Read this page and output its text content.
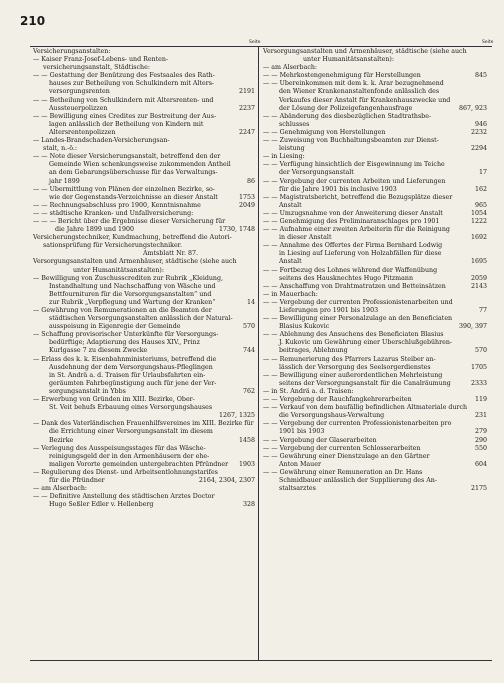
210
Seite	Seite
Versicherungsanstalten:
— Kaiser Franz-Josef-Lebens- und Renten-
versicherungsanstalt, Städtische:
— — Gestattung der Benützung des Festsaales des Rath-
hauses zur Betheilung von Schulkindern mit Alters-
versorgungsrenten	2191
— — Betheilung von Schulkindern mit Altersrenten- und
Aussteuerpolizzen	2237
— — Bewilligung eines Credites zur Bestreitung der Aus-
lagen anlässlich der Betheilung von Kindern mit
Altersrentenpolizzen	2247
— Landes-Brandschaden-Versicherungsan-
stalt, n.-ö.:
— — Note dieser Versicherungsanstalt, betreffend den der
Gemeinde Wien schenkungsweise zukommenden Antheil
an dem Gebarungsüberschusse für das Verwaltungs-
jahr 1899	86
— — Übermittlung von Plänen der einzelnen Bezirke, so-
wie der Gegenstands-Verzeichnisse an dieser Anstalt	1753
— — Rechnungsabschluss pro 1900, Kenntnisnahme	2049
— — städtische Kranken- und Unfallversicherung:
— — — Bericht über die Ergebnisse dieser Versicherung für
die Jahre 1899 und 1900	1730, 1748
Versicherungstechniker, Kundmachung, betreffend die Autori-
sationsprüfung für Versicherungstechniker.
Amtsblatt Nr. 87.
Versorgungsanstalten und Armenhäuser, städtische (siehe auch
unter Humanitätsanstalten):
— Bewilligung von Zuschusscrediten zur Rubrik „Kleidung,
Instandhaltung und Nachschaffung von Wäsche und
Bettfournituren für die Versorgungsanstalten“ und
zur Rubrik „Verpflegung und Wartung der Kranken“	14
— Gewährung von Remunerationen an die Beamten der
städtischen Versorgungsanstalten anlässlich der Natural-
ausspeisung in Eigenregie der Gemeinde	570
— Schaffung provisorischer Unterkünfte für Versorgungs-
bedürftige; Adaptierung des Hauses XIV., Prinz
Kurlgasse 7 zu diesem Zwecke	744
— Erlass des k. k. Eisenbahnministeriums, betreffend die
Ausdehnung der dem Versorgungshaus-Pfleglingen
in St. Andrä a. d. Traisen für Urlaubsfahrten ein-
geräumten Fahrbegünstigung auch für jene der Ver-
sorgungsanstalt in Ybbs	762
— Erwerbung von Gründen im XIII. Bezirke, Ober-
St. Veit behufs Erbauung eines Versorgungshauses
1267, 1325
— Dank des Vaterländischen Frauenhilfsvereines im XIII. Bezirke für
die Errichtung einer Versorgungsanstalt im diesem
Bezirke	1458
— Verlegung des Ausspeisungsstages für das Wäsche-
reinigungsgeld der in den Armenhäusern der ehe-
maligen Vororte gemeinden untergebrachten Pfründner	1903
— Regulierung des Dienst- und Arbeitsentlohnungstarifes
für die Pfründner	2164, 2304, 2307
— am Alserbach:
— — Definitive Anstellung des städtischen Arztes Doctor
Hugo Seßler Edler v. Hellenberg	328
Versorgungsanstalten und Armenhäuser, städtische (siehe auch
unter Humanitätsanstalten):
— am Alserbach:
— — Mehrkostengenehmigung für Herstellungen	845
— — Übereinkommen mit dem k. k. Ärar bezugnehmend
den Wiener Krankenanstaltenfonde anlässlich des
Verkaufes dieser Anstalt für Krankenhauszwecke und
der Lösung der Polizeigefangenhausfrage	867, 923
— — Abänderung des diesbezüglichen Stadtrathsbe-
schlusses	946
— — Genehmigung von Herstellungen	2232
— — Zuweisung von Buchhaltungsbeamten zur Dienst-
leistung	2294
— in Liesing:
— — Verfügung hinsichtlich der Eisgewinnung im Teiche
der Versorgungsanstalt	17
— — Vergebung der currenten Arbeiten und Lieferungen
für die Jahre 1901 bis inclusive 1903	162
— — Magistratsbericht, betreffend die Bezugsplätze dieser
Anstalt	965
— — Umzugsnahme von der Anweiterung dieser Anstalt	1054
— — Genehmigung des Preliminaranschlages pro 1901	1222
— — Aufnahme einer zweiten Arbeiterin für die Reinigung
in dieser Anstalt	1692
— — Annahme des Offertes der Firma Bernhard Lodwig
in Liesing auf Lieferung von Holzabfällen für diese
Anstalt	1695
— — Fortbezug des Lohnes während der Waffenübung
seitens des Hausknechtes Hugo Pitzmann	2059
— — Anschaffung von Drahtmatratzen und Betteinsätzen	2143
— in Mauerbach:
— — Vergebung der currenten Professionistenarbeiten und
Lieferungen pro 1901 bis 1903	77
— — Bewilligung einer Personalzulage an den Beneficiaten
Blasius Kukovic	390, 397
— — Ablehnung des Ansuchens des Beneficiaten Blasius
J. Kukovic um Gewährung einer Überschlußgebühren-
beitrages, Ablehnung	570
— — Remunerierung des Pfarrers Lazarus Steiber an-
lässlich der Versorgung des Seelsorgerdienstes	1705
— — Bewilligung einer außerordentlichen Mehrleistung
seitens der Versorgungsanstalt für die Canalräumung	2333
— in St. Andrä a. d. Traisen:
— — Vergebung der Rauchfangkehrerarbeiten	119
— — Verkauf von dem baufällig befindlichen Altmateriale durch
die Versorgungshaus-Verwaltung	231
— — Vergebung der currenten Professionistenarbeiten pro
1901 bis 1903	279
— — Vergebung der Glaserarbeiten	290
— — Vergebung der currenten Schlosserarbeiten	550
— — Gewährung einer Dienstzulage an den Gärtner
Anton Mauer	604
— — Gewährung einer Remuneration an Dr. Hans
Schmidbauer anlässlich der Suppliierung des An-
staltsarztes	2175
